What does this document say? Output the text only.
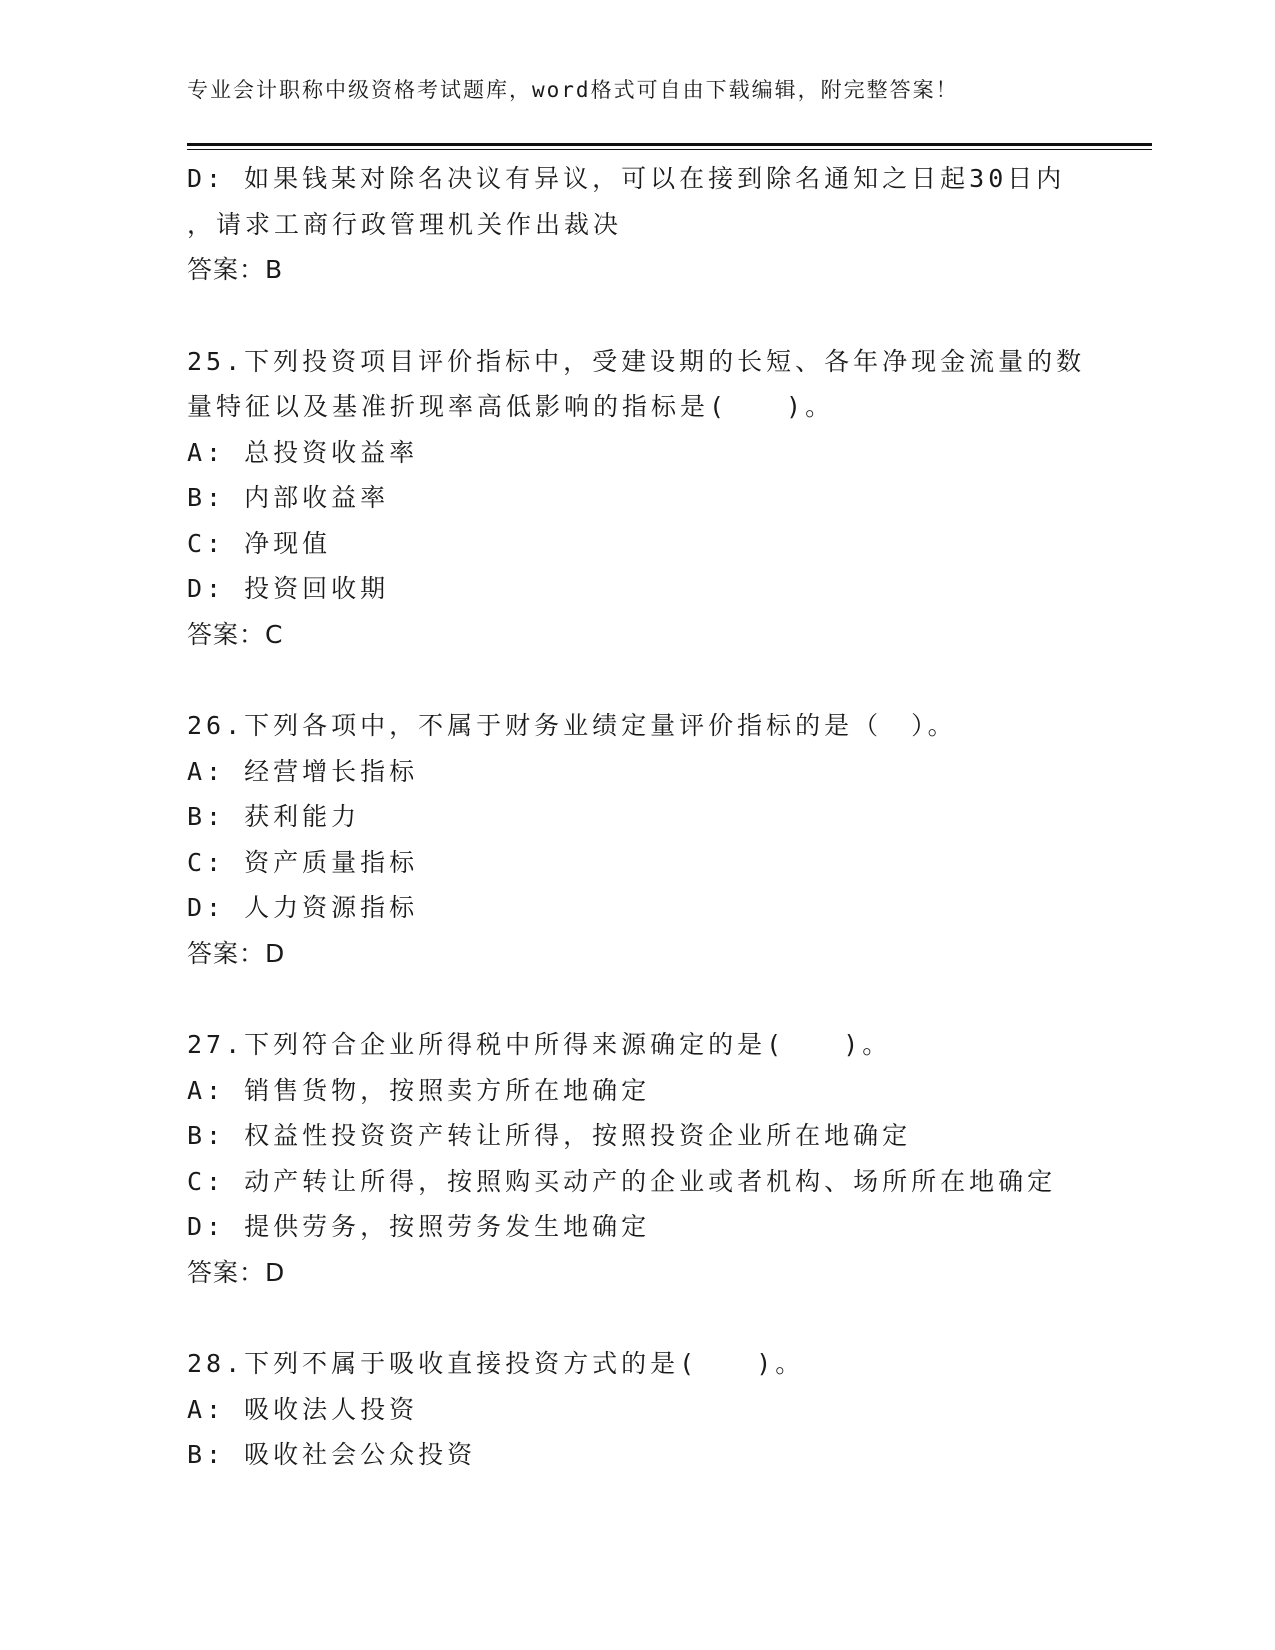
专业会计职称中级资格考试题库，word格式可自由下载编辑，附完整答案！
D: 如果钱某对除名决议有异议，可以在接到除名通知之日起30日内
，请求工商行政管理机关作出裁决
答案：B
25.下列投资项目评价指标中，受建设期的长短、各年净现金流量的数
量特征以及基准折现率高低影响的指标是(　　)。
A: 总投资收益率
B: 内部收益率
C: 净现值
D: 投资回收期
答案：C
26.下列各项中，不属于财务业绩定量评价指标的是（　）。
A: 经营增长指标
B: 获利能力
C: 资产质量指标
D: 人力资源指标
答案：D
27.下列符合企业所得税中所得来源确定的是(　　)。
A: 销售货物，按照卖方所在地确定
B: 权益性投资资产转让所得，按照投资企业所在地确定
C: 动产转让所得，按照购买动产的企业或者机构、场所所在地确定
D: 提供劳务，按照劳务发生地确定
答案：D
28.下列不属于吸收直接投资方式的是(　　)。
A: 吸收法人投资
B: 吸收社会公众投资
